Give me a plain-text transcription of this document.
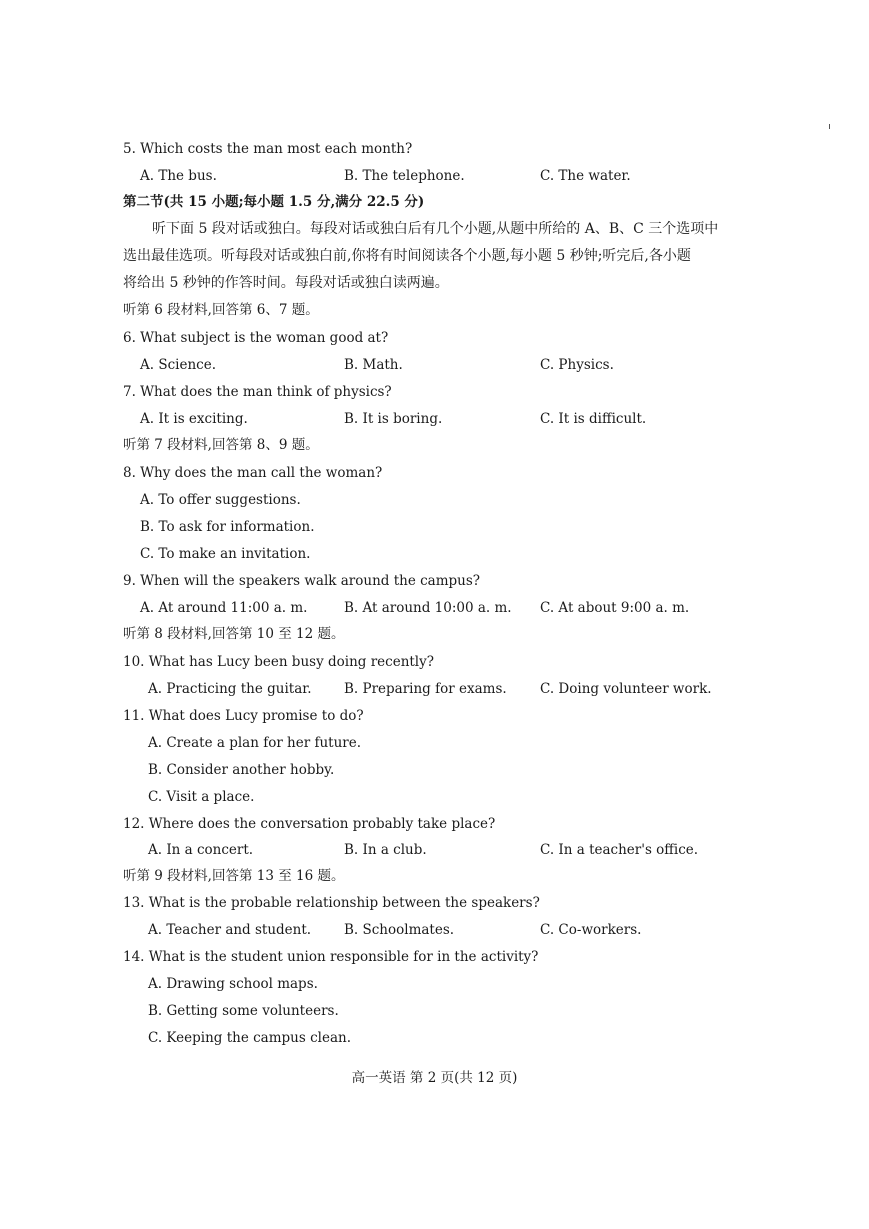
5. Which costs the man most each month?
A. The bus.	B. The telephone.	C. The water.
第二节(共 15 小题;每小题 1.5 分,满分 22.5 分)
听下面 5 段对话或独白。每段对话或独白后有几个小题,从题中所给的 A、B、C 三个选项中
选出最佳选项。听每段对话或独白前,你将有时间阅读各个小题,每小题 5 秒钟;听完后,各小题
将给出 5 秒钟的作答时间。每段对话或独白读两遍。
听第 6 段材料,回答第 6、7 题。
6. What subject is the woman good at?
A. Science.	B. Math.	C. Physics.
7. What does the man think of physics?
A. It is exciting.	B. It is boring.	C. It is difficult.
听第 7 段材料,回答第 8、9 题。
8. Why does the man call the woman?
A. To offer suggestions.
B. To ask for information.
C. To make an invitation.
9. When will the speakers walk around the campus?
A. At around 11:00 a. m.	B. At around 10:00 a. m. C. At about 9:00 a. m.
听第 8 段材料,回答第 10 至 12 题。
10. What has Lucy been busy doing recently?
A. Practicing the guitar. B. Preparing for exams. C. Doing volunteer work.
11. What does Lucy promise to do?
A. Create a plan for her future.
B. Consider another hobby.
C. Visit a place.
12. Where does the conversation probably take place?
A. In a concert.	B. In a club.	C. In a teacher's office.
听第 9 段材料,回答第 13 至 16 题。
13. What is the probable relationship between the speakers?
A. Teacher and student. B. Schoolmates.	C. Co-workers.
14. What is the student union responsible for in the activity?
A. Drawing school maps.
B. Getting some volunteers.
C. Keeping the campus clean.
高一英语 第 2 页(共 12 页)
